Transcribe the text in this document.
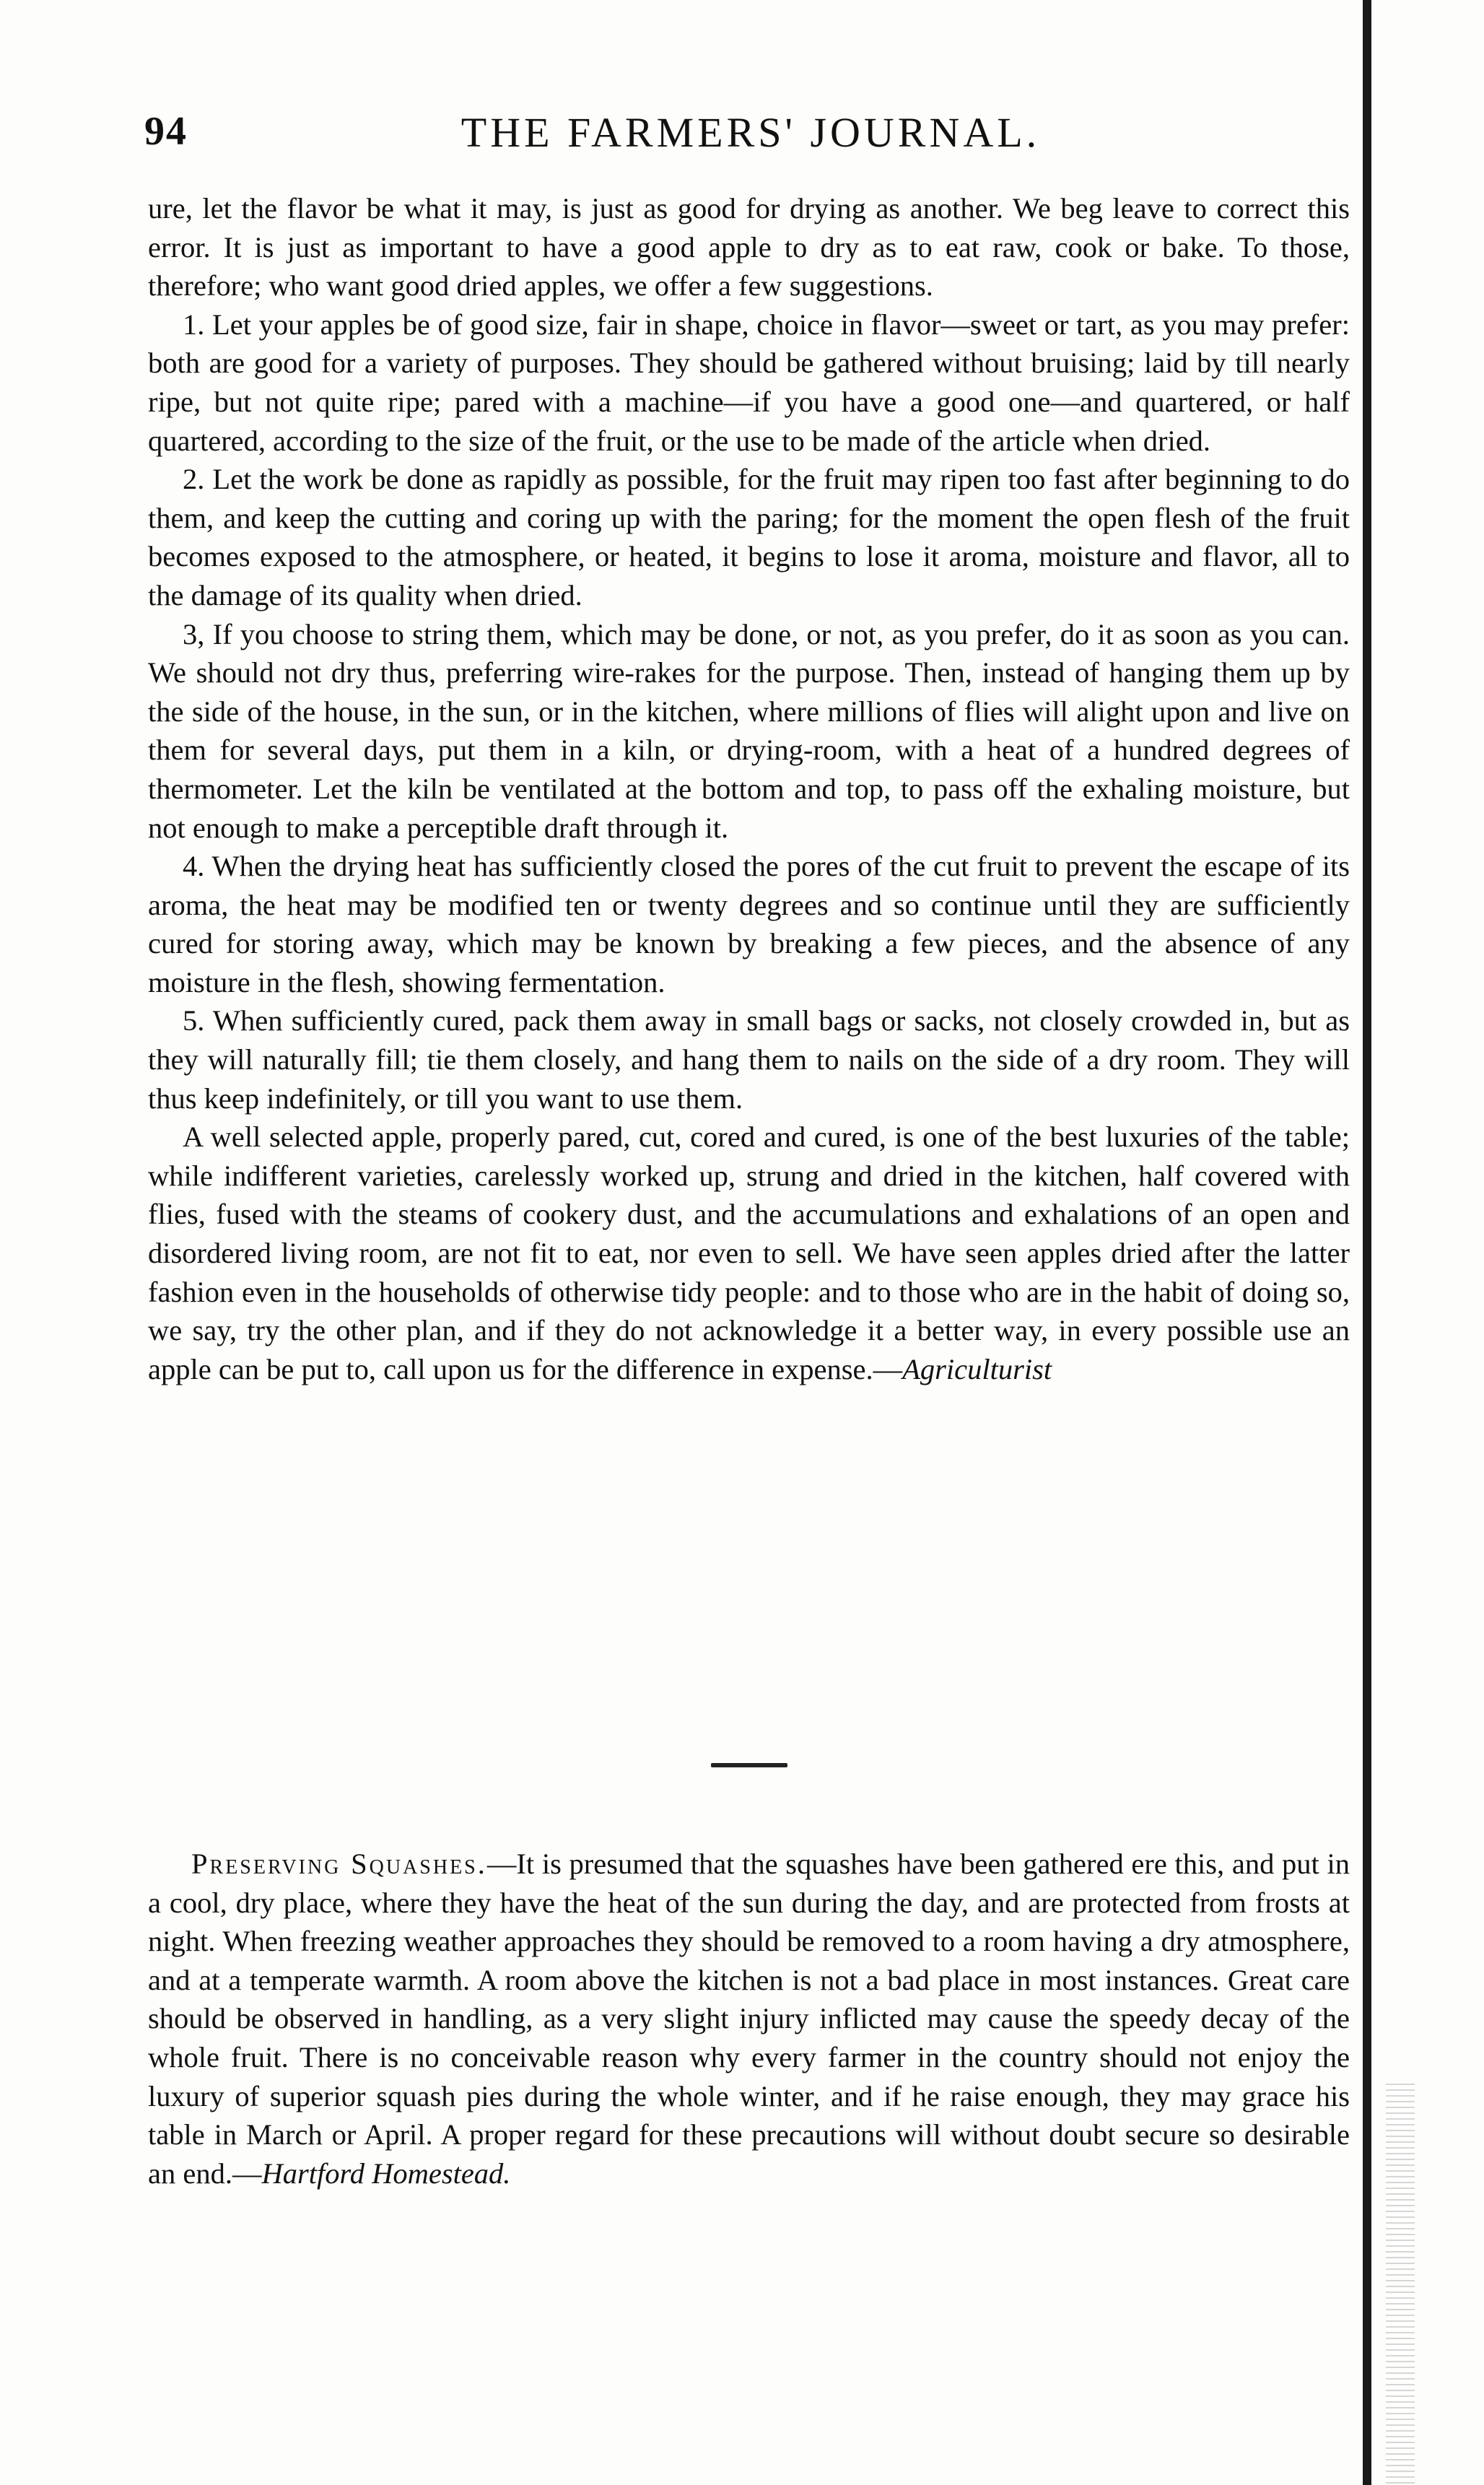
94	THE FARMERS' JOURNAL.

ure, let the flavor be what it may, is just as good for drying as another. We beg leave to correct this error. It is just as important to have a good apple to dry as to eat raw, cook or bake. To those, therefore; who want good dried apples, we offer a few suggestions.

1. Let your apples be of good size, fair in shape, choice in flavor—sweet or tart, as you may prefer: both are good for a variety of purposes. They should be gathered without bruising; laid by till nearly ripe, but not quite ripe; pared with a machine—if you have a good one—and quartered, or half quartered, according to the size of the fruit, or the use to be made of the article when dried.

2. Let the work be done as rapidly as possible, for the fruit may ripen too fast after beginning to do them, and keep the cutting and coring up with the paring; for the moment the open flesh of the fruit becomes exposed to the atmosphere, or heated, it begins to lose it aroma, moisture and flavor, all to the damage of its quality when dried.

3, If you choose to string them, which may be done, or not, as you prefer, do it as soon as you can. We should not dry thus, preferring wire-rakes for the purpose. Then, instead of hanging them up by the side of the house, in the sun, or in the kitchen, where millions of flies will alight upon and live on them for several days, put them in a kiln, or drying-room, with a heat of a hundred degrees of thermometer. Let the kiln be ventilated at the bottom and top, to pass off the exhaling moisture, but not enough to make a perceptible draft through it.

4. When the drying heat has sufficiently closed the pores of the cut fruit to prevent the escape of its aroma, the heat may be modified ten or twenty degrees and so continue until they are sufficiently cured for storing away, which may be known by breaking a few pieces, and the absence of any moisture in the flesh, showing fermentation.

5. When sufficiently cured, pack them away in small bags or sacks, not closely crowded in, but as they will naturally fill; tie them closely, and hang them to nails on the side of a dry room. They will thus keep indefinitely, or till you want to use them.

A well selected apple, properly pared, cut, cored and cured, is one of the best luxuries of the table; while indifferent varieties, carelessly worked up, strung and dried in the kitchen, half covered with flies, fused with the steams of cookery dust, and the accumulations and exhalations of an open and disordered living room, are not fit to eat, nor even to sell. We have seen apples dried after the latter fashion even in the households of otherwise tidy people: and to those who are in the habit of doing so, we say, try the other plan, and if they do not acknowledge it a better way, in every possible use an apple can be put to, call upon us for the difference in expense.—Agriculturist

Preserving Squashes.—It is presumed that the squashes have been gathered ere this, and put in a cool, dry place, where they have the heat of the sun during the day, and are protected from frosts at night. When freezing weather approaches they should be removed to a room having a dry atmosphere, and at a temperate warmth. A room above the kitchen is not a bad place in most instances. Great care should be observed in handling, as a very slight injury inflicted may cause the speedy decay of the whole fruit. There is no conceivable reason why every farmer in the country should not enjoy the luxury of superior squash pies during the whole winter, and if he raise enough, they may grace his table in March or April. A proper regard for these precautions will without doubt secure so desirable an end.—Hartford Homestead.
